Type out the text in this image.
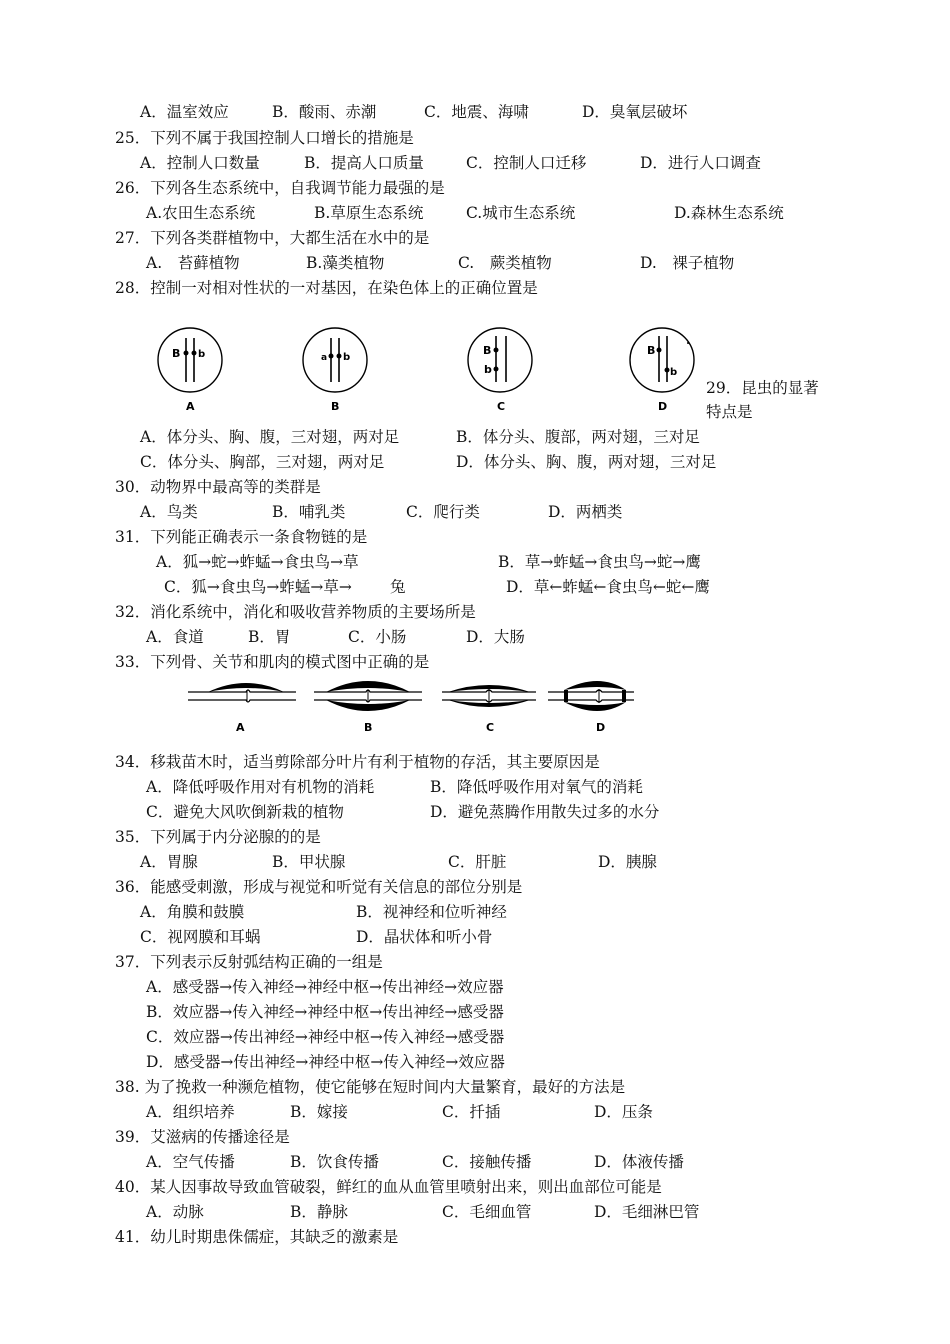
A．温室效应	B．酸雨、赤潮	C．地震、海啸	D．臭氧层破坏
25．下列不属于我国控制人口增长的措施是
A．控制人口数量	B．提高人口质量	C．控制人口迁移	D．进行人口调查
26．下列各生态系统中，自我调节能力最强的是
A.农田生态系统	B.草原生态系统	C.城市生态系统	D.森林生态系统
27．下列各类群植物中，大都生活在水中的是
A.　苔藓植物	B.藻类植物	C.　蕨类植物	D.　裸子植物
28．控制一对相对性状的一对基因，在染色体上的正确位置是
29．昆虫的显著
特点是
A．体分头、胸、腹，三对翅，两对足	B．体分头、腹部，两对翅，三对足
C．体分头、胸部，三对翅，两对足	D．体分头、胸、腹，两对翅，三对足
30．动物界中最高等的类群是
A．鸟类	B．哺乳类	C．爬行类	D．两栖类
31．下列能正确表示一条食物链的是
A．狐→蛇→蚱蜢→食虫鸟→草	B．草→蚱蜢→食虫鸟→蛇→鹰
C．狐→食虫鸟→蚱蜢→草→ 兔	D．草←蚱蜢←食虫鸟←蛇←鹰
32．消化系统中，消化和吸收营养物质的主要场所是
A．食道	B．胃	C．小肠	D．大肠
33．下列骨、关节和肌肉的模式图中正确的是
34．移栽苗木时，适当剪除部分叶片有利于植物的存活，其主要原因是
A．降低呼吸作用对有机物的消耗	B．降低呼吸作用对氧气的消耗
C．避免大风吹倒新栽的植物	D．避免蒸腾作用散失过多的水分
35．下列属于内分泌腺的的是
A．胃腺	B．甲状腺	C．肝脏	D．胰腺
36．能感受刺激，形成与视觉和听觉有关信息的部位分别是
A．角膜和鼓膜	B．视神经和位听神经
C．视网膜和耳蜗	D．晶状体和听小骨
37．下列表示反射弧结构正确的一组是
A．感受器→传入神经→神经中枢→传出神经→效应器
B．效应器→传入神经→神经中枢→传出神经→感受器
C．效应器→传出神经→神经中枢→传入神经→感受器
D．感受器→传出神经→神经中枢→传入神经→效应器
38. 为了挽救一种濒危植物，使它能够在短时间内大量繁育，最好的方法是
A．组织培养	B．嫁接	C．扦插	D．压条
39．艾滋病的传播途径是
A．空气传播	B．饮食传播	C．接触传播	D．体液传播
40．某人因事故导致血管破裂，鲜红的血从血管里喷射出来，则出血部位可能是
A．动脉	B．静脉	C．毛细血管	D．毛细淋巴管
41．幼儿时期患侏儒症，其缺乏的激素是
B b
A
a b
B
B
b
C
B
b
D
A	B	C	D
